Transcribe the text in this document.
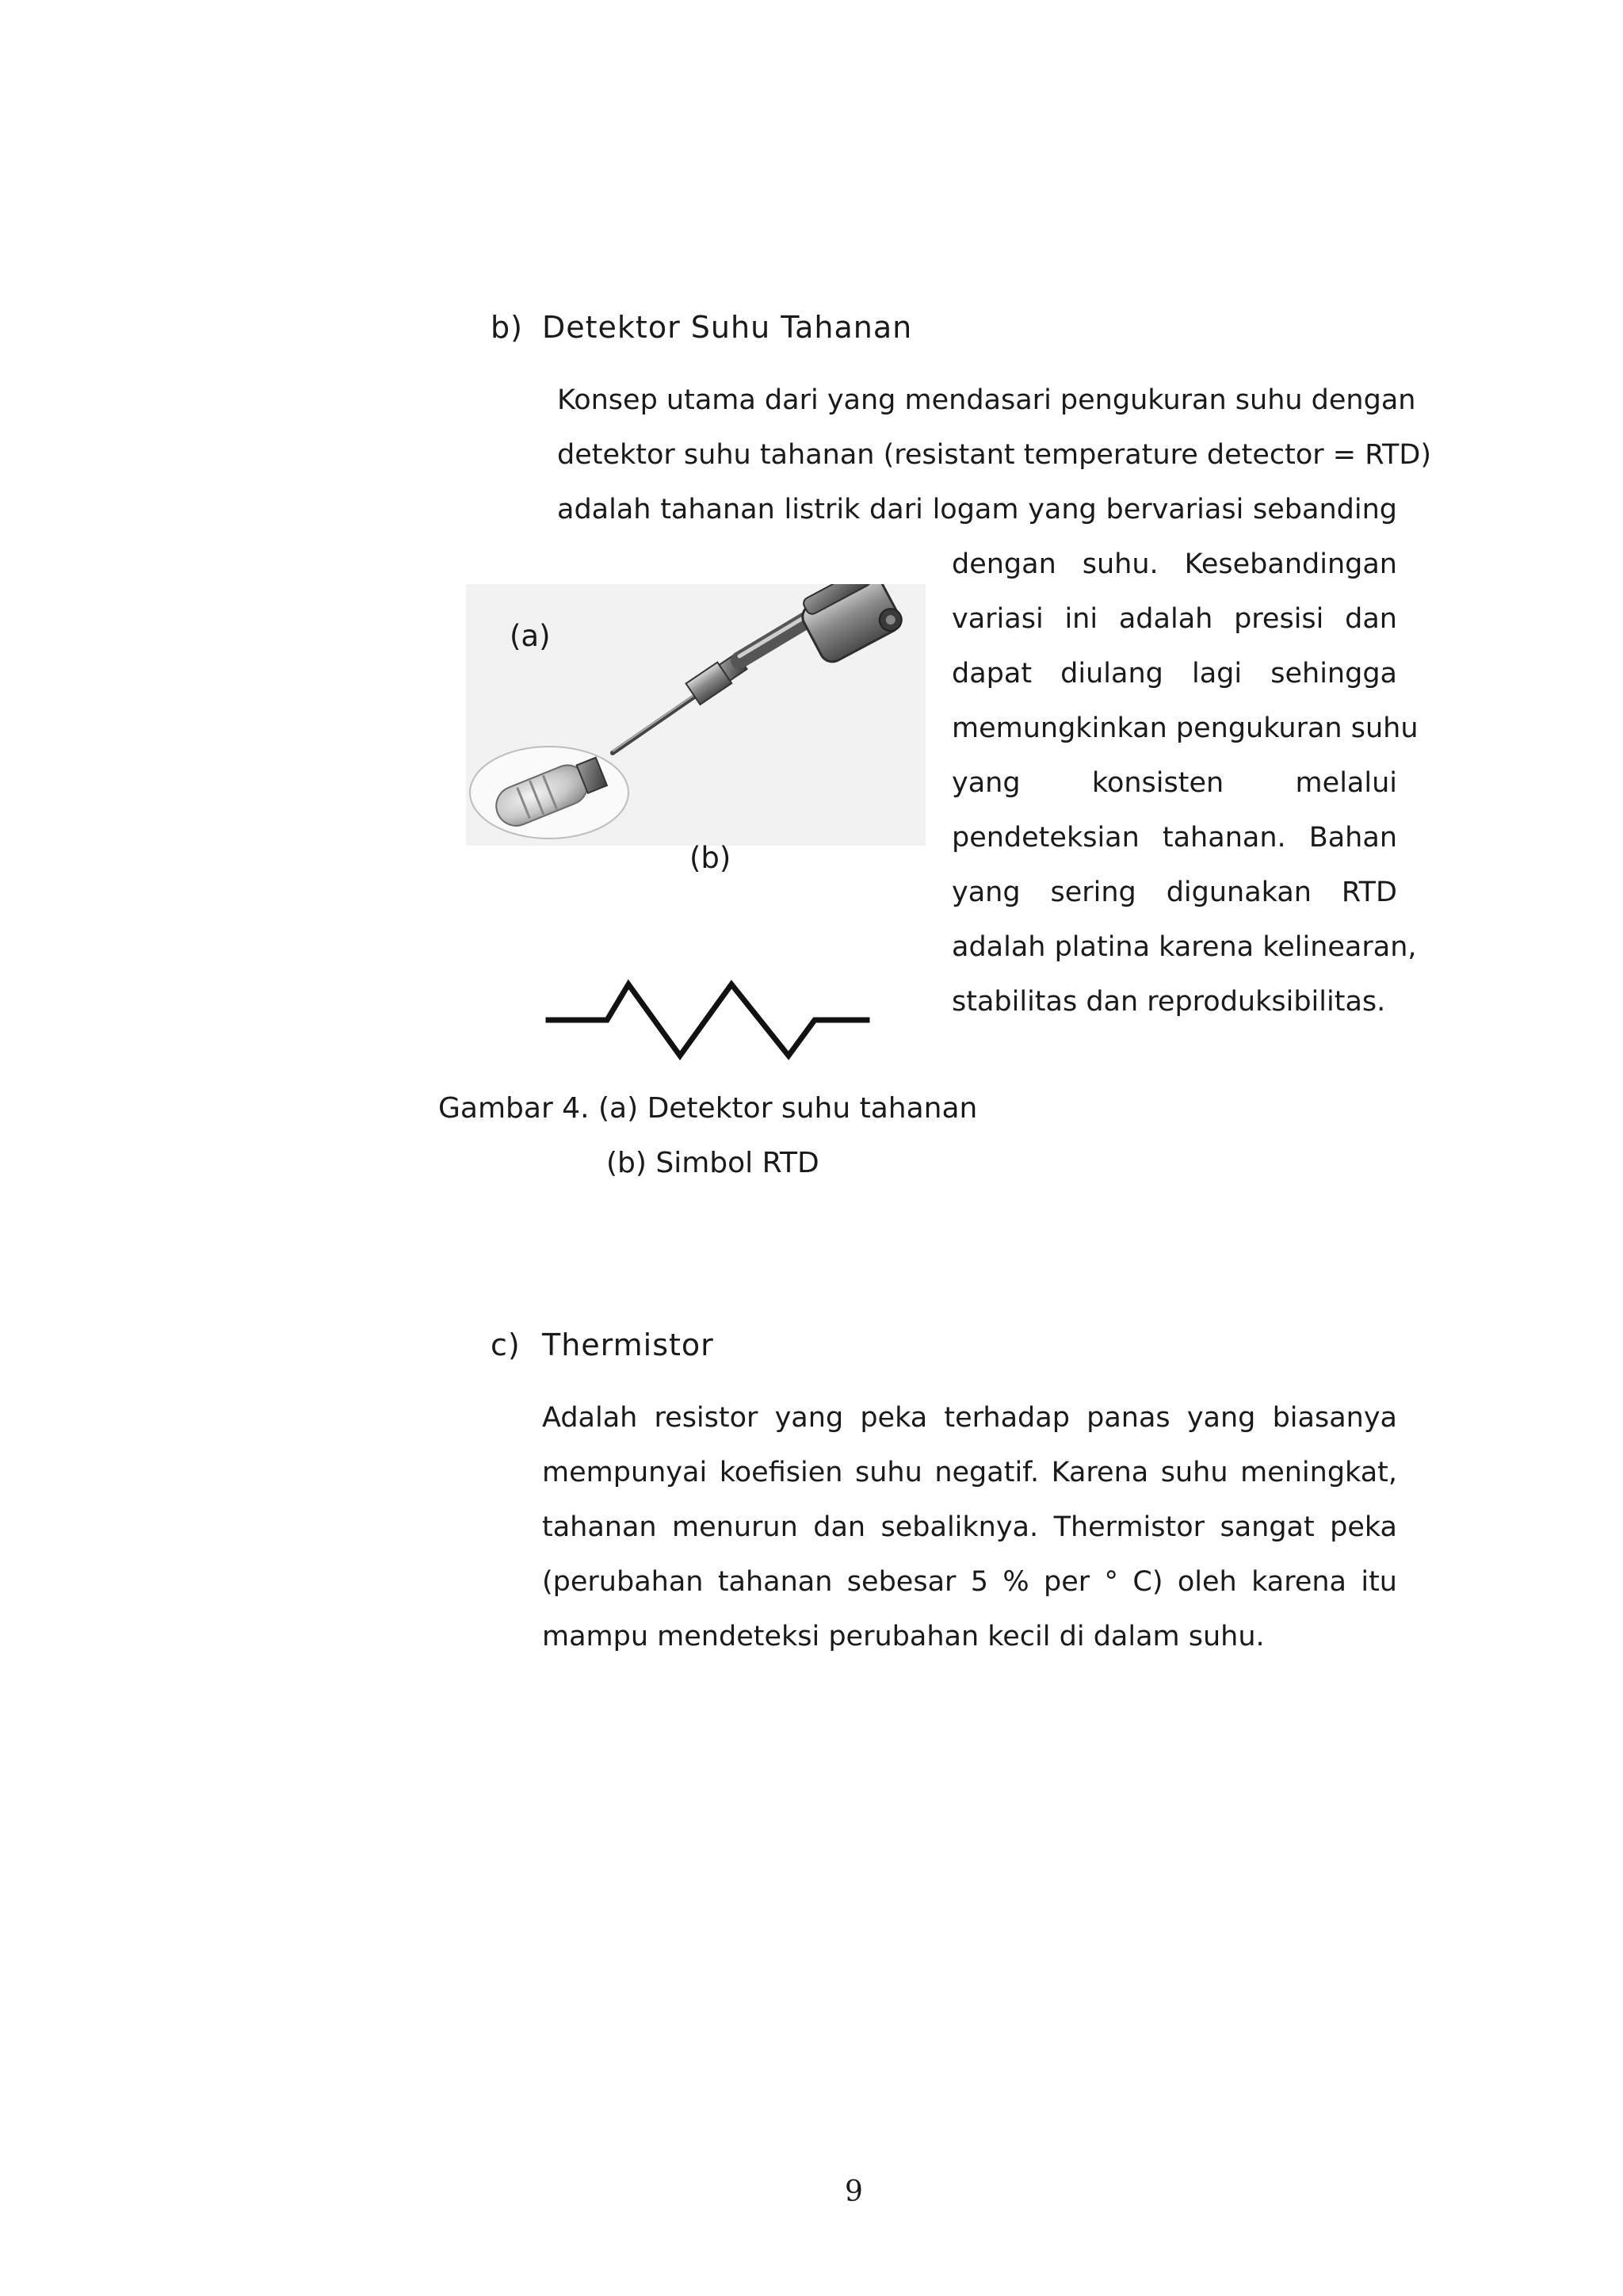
b) Detektor Suhu Tahanan
Konsep utama dari yang mendasari pengukuran suhu dengan
detektor suhu tahanan (resistant temperature detector = RTD)
adalah tahanan listrik dari logam yang bervariasi sebanding
dengan suhu. Kesebandingan
variasi ini adalah presisi dan
dapat diulang lagi sehingga
memungkinkan pengukuran suhu
yang konsisten melalui
pendeteksian tahanan. Bahan
yang sering digunakan RTD
adalah platina karena kelinearan,
stabilitas dan reproduksibilitas.
(a)
(b)
Gambar 4. (a) Detektor suhu tahanan
(b) Simbol RTD
c) Thermistor
Adalah resistor yang peka terhadap panas yang biasanya
mempunyai koefisien suhu negatif. Karena suhu meningkat,
tahanan menurun dan sebaliknya. Thermistor sangat peka
(perubahan tahanan sebesar 5 % per ° C) oleh karena itu
mampu mendeteksi perubahan kecil di dalam suhu.
9
